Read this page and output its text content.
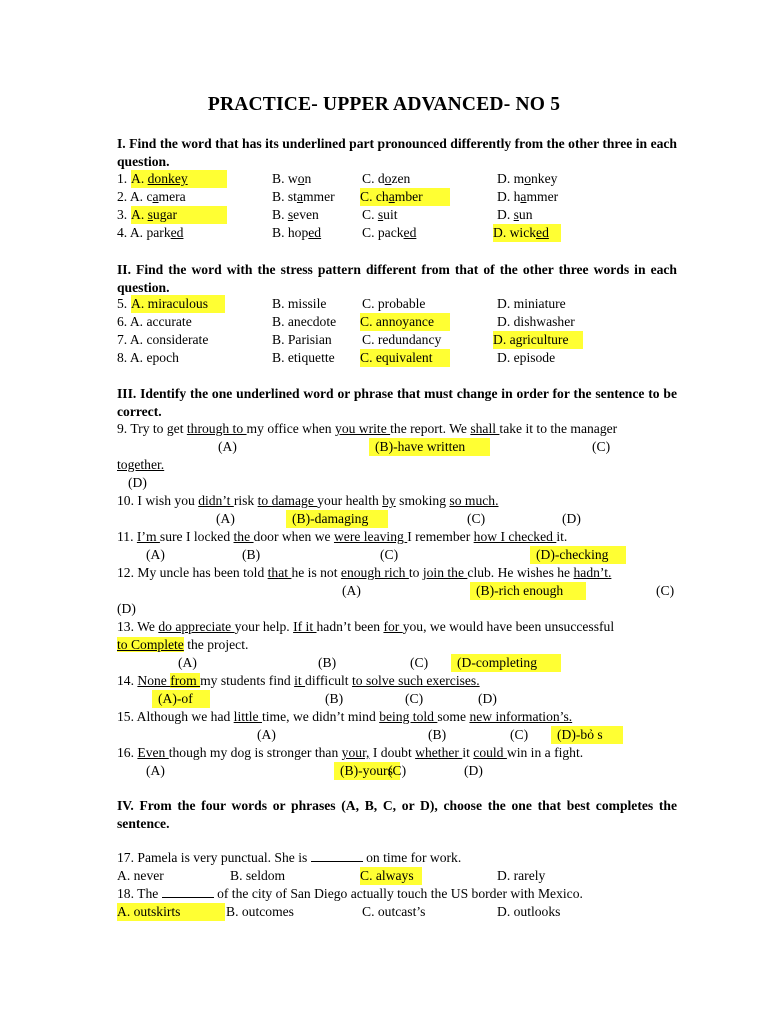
PRACTICE- UPPER ADVANCED- NO 5
I. Find the word that has its underlined part pronounced differently from the other three in each question.
1. A. donkey	B. won	C. dozen	D. monkey
2. A. camera	B. stammer C. chamber	D. hammer
3. A. sugar	B. seven	C. suit	D. sun
4. A. parked	B. hoped	C. packed	D. wicked
II. Find the word with the stress pattern different from that of the other three words in each question.
5. A. miraculous	B. missile	C. probable	D. miniature
6. A. accurate	B. anecdote C. annoyance	D. dishwasher
7. A. considerate	B. Parisian C. redundancy	D. agriculture
8. A. epoch	B. etiquette C. equivalent	D. episode
III. Identify the one underlined word or phrase that must change in order for the sentence to be correct.
9. Try to get through to my office when you write the report. We shall take it to the manager
(A)	(B)-have written	(C)
together.
(D)
10. I wish you didn’t risk to damage your health by smoking so much.
(A)	(B)-damaging	(C)	(D)
11. I’m sure I locked the door when we were leaving I remember how I checked it.
(A)	(B)	(C)	(D)-checking
12. My uncle has been told that he is not enough rich to join the club. He wishes he hadn’t.
(A)	(B)-rich enough	(C)
(D)
13. We do appreciate your help. If it hadn’t been for you, we would have been unsuccessful
to Complete the project.
(A)	(B)	(C)	(D-completing
14. None from my students find it difficult to solve such exercises.
(A)-of	(B)	(C)	(D)
15. Although we had little time, we didn’t mind being told some new information’s.
(A)	(B)	(C)	(D)-bỏ s
16. Even though my dog is stronger than your, I doubt whether it could win in a fight.
(A)	(B)-yours
(C)	(D)
IV. From the four words or phrases (A, B, C, or D), choose the one that best completes the sentence.
17. Pamela is very punctual. She is	on time for work.
A. never	B. seldom	C. always	D. rarely
18. The	of the city of San Diego actually touch the US border with Mexico.
A. outskirts	B. outcomes	C. outcast’s	D. outlooks
